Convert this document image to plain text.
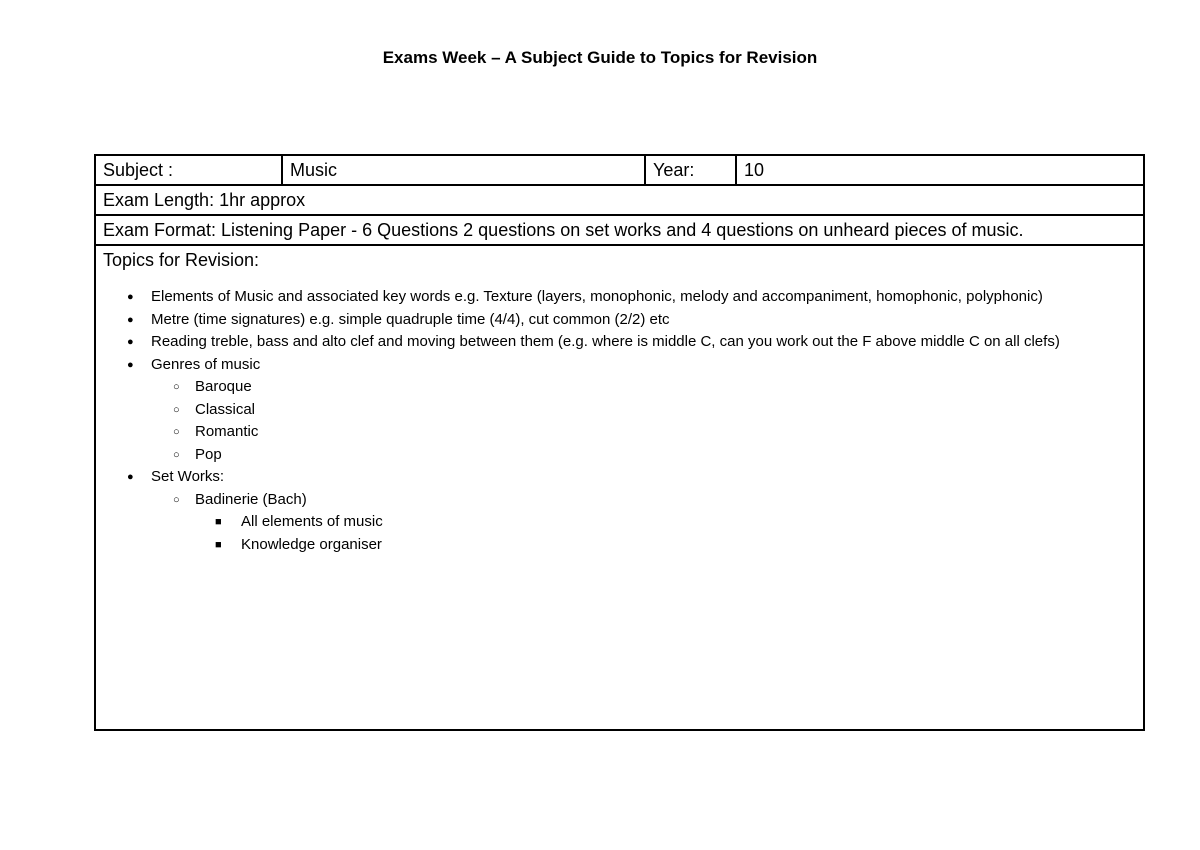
Exams Week – A Subject Guide to Topics for Revision
Subject :	Music	Year:	10
Exam Length: 1hr approx
Exam Format: Listening Paper - 6 Questions 2 questions on set works and 4 questions on unheard pieces of music.

Topics for Revision:
● Elements of Music and associated key words e.g. Texture (layers, monophonic, melody and accompaniment, homophonic, polyphonic)
● Metre (time signatures) e.g. simple quadruple time (4/4), cut common (2/2) etc
● Reading treble, bass and alto clef and moving between them (e.g. where is middle C, can you work out the F above middle C on all clefs)
● Genres of music
○ Baroque
○ Classical
○ Romantic
○ Pop
● Set Works:
○ Badinerie (Bach)
■ All elements of music
■ Knowledge organiser
